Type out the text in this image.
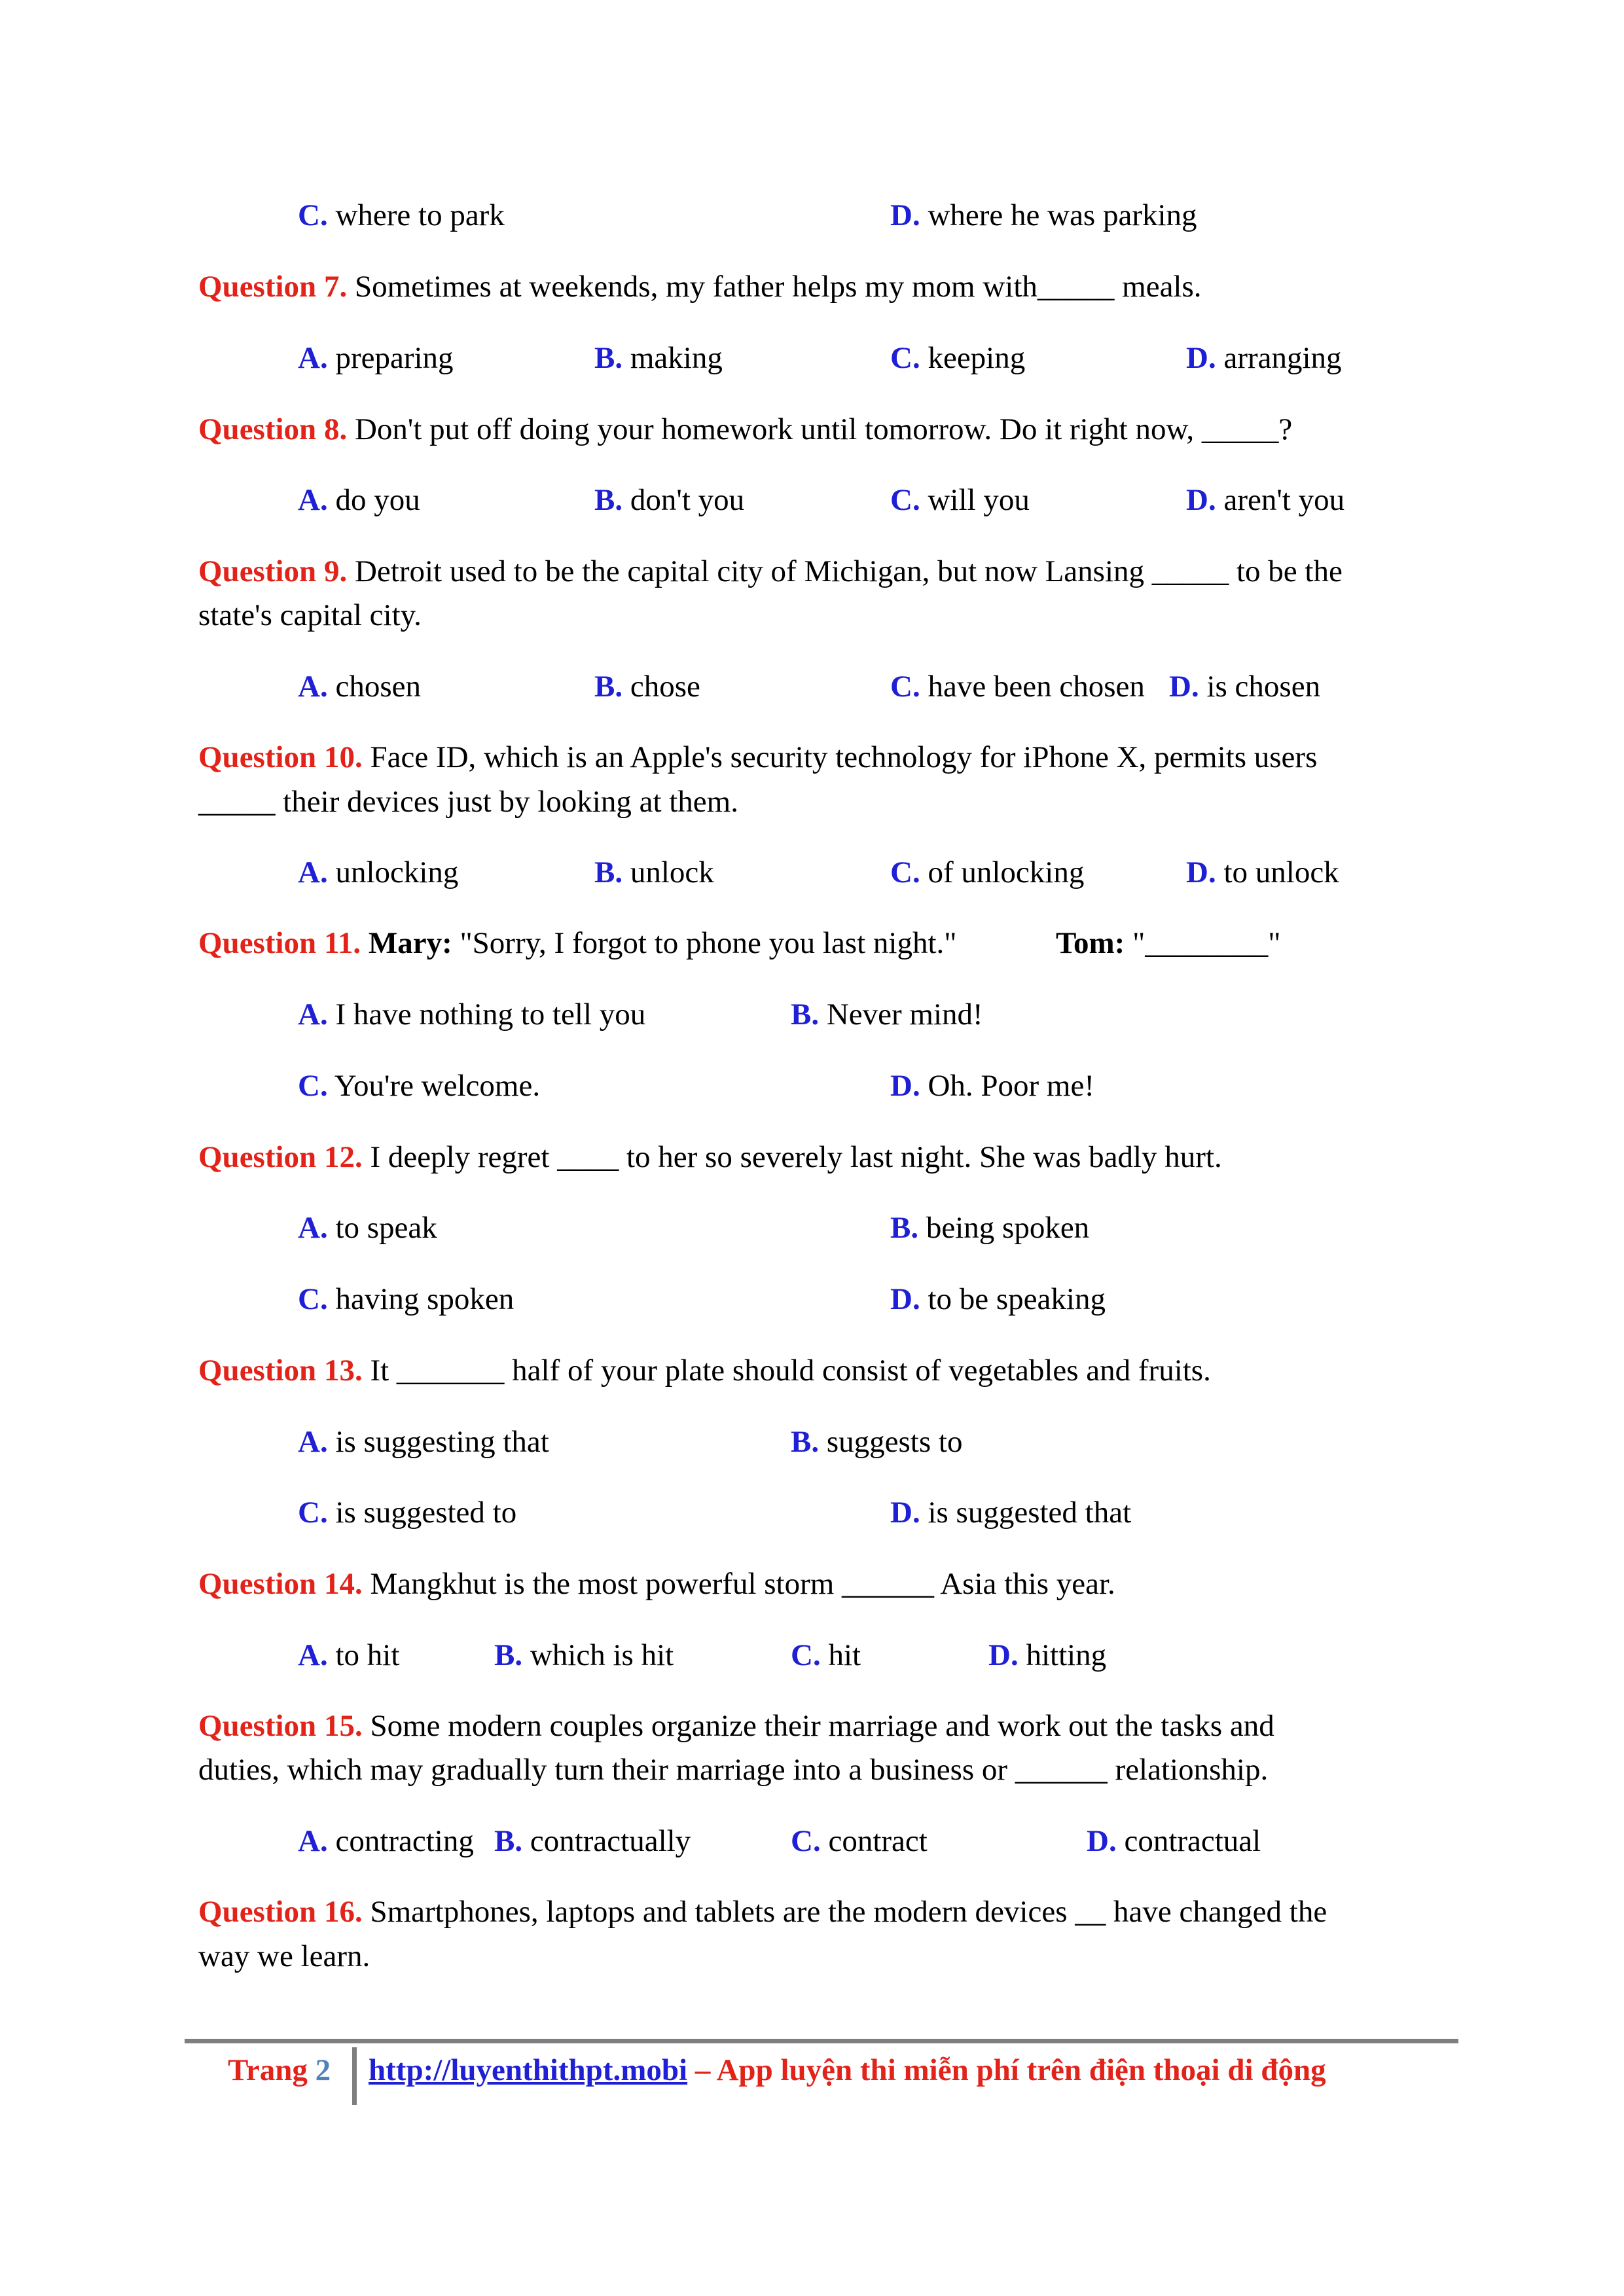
C. where to park	D. where he was parking
Question 7. Sometimes at weekends, my father helps my mom with_____ meals.
A. preparing	B. making	C. keeping	D. arranging
Question 8. Don't put off doing your homework until tomorrow. Do it right now, _____?
A. do you	B. don't you	C. will you	D. aren't you
Question 9. Detroit used to be the capital city of Michigan, but now Lansing _____ to be the
state's capital city.
A. chosen	B. chose	C. have been chosen D. is chosen
Question 10. Face ID, which is an Apple's security technology for iPhone X, permits users
_____ their devices just by looking at them.
A. unlocking	B. unlock	C. of unlocking	D. to unlock
Question 11. Mary: "Sorry, I forgot to phone you last night."	Tom: "________"
A. I have nothing to tell you	B. Never mind!
C. You're welcome.	D. Oh. Poor me!
Question 12. I deeply regret ____ to her so severely last night. She was badly hurt.
A. to speak	B. being spoken
C. having spoken	D. to be speaking
Question 13. It _______ half of your plate should consist of vegetables and fruits.
A. is suggesting that	B. suggests to
C. is suggested to	D. is suggested that
Question 14. Mangkhut is the most powerful storm ______ Asia this year.
A. to hit	B. which is hit	C. hit	D. hitting
Question 15. Some modern couples organize their marriage and work out the tasks and
duties, which may gradually turn their marriage into a business or ______ relationship.
A. contracting B. contractually	C. contract	D. contractual
Question 16. Smartphones, laptops and tablets are the modern devices __ have changed the
way we learn.
Trang 2 http://luyenthithpt.mobi – App luyện thi miễn phí trên điện thoại di động
